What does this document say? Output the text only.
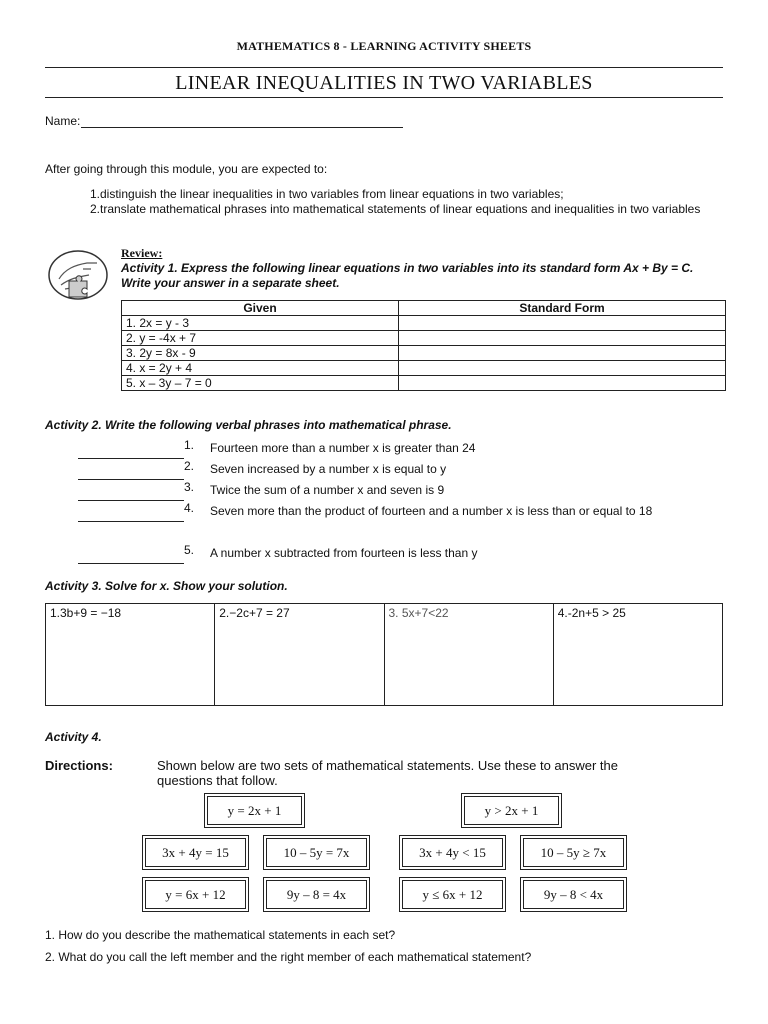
MATHEMATICS 8 - LEARNING ACTIVITY SHEETS
LINEAR INEQUALITIES IN TWO VARIABLES
Name:
After going through this module, you are expected to:
1.distinguish the linear inequalities in two variables from linear equations in two variables;
2.translate mathematical phrases into mathematical statements of linear equations and inequalities in two variables
Review:
Activity 1. Express the following linear equations in two variables into its standard form Ax + By = C. Write your answer in a separate sheet.
Given	Standard Form
1. 2x = y - 3	
2. y = -4x + 7	
3. 2y = 8x - 9	
4. x = 2y + 4	
5. x – 3y – 7 = 0	
Activity 2. Write the following verbal phrases into mathematical phrase.
1. Fourteen more than a number x is greater than 24
2. Seven increased by a number x is equal to y
3. Twice the sum of a number x and seven is 9
4. Seven more than the product of fourteen and a number x is less than or equal to 18
5. A number x subtracted from fourteen is less than y
Activity 3. Solve for x. Show your solution.
1.3b+9 = −18	2.−2c+7 = 27	3. 5x+7<22	4.-2n+5 > 25
Activity 4.
Directions:	Shown below are two sets of mathematical statements. Use these to answer the questions that follow.
y = 2x + 1
3x + 4y = 15	10 – 5y = 7x
y = 6x + 12	9y – 8 = 4x
y > 2x + 1
3x + 4y < 15	10 – 5y ≥ 7x
y ≤ 6x + 12	9y – 8 < 4x
1. How do you describe the mathematical statements in each set?
2. What do you call the left member and the right member of each mathematical statement?
